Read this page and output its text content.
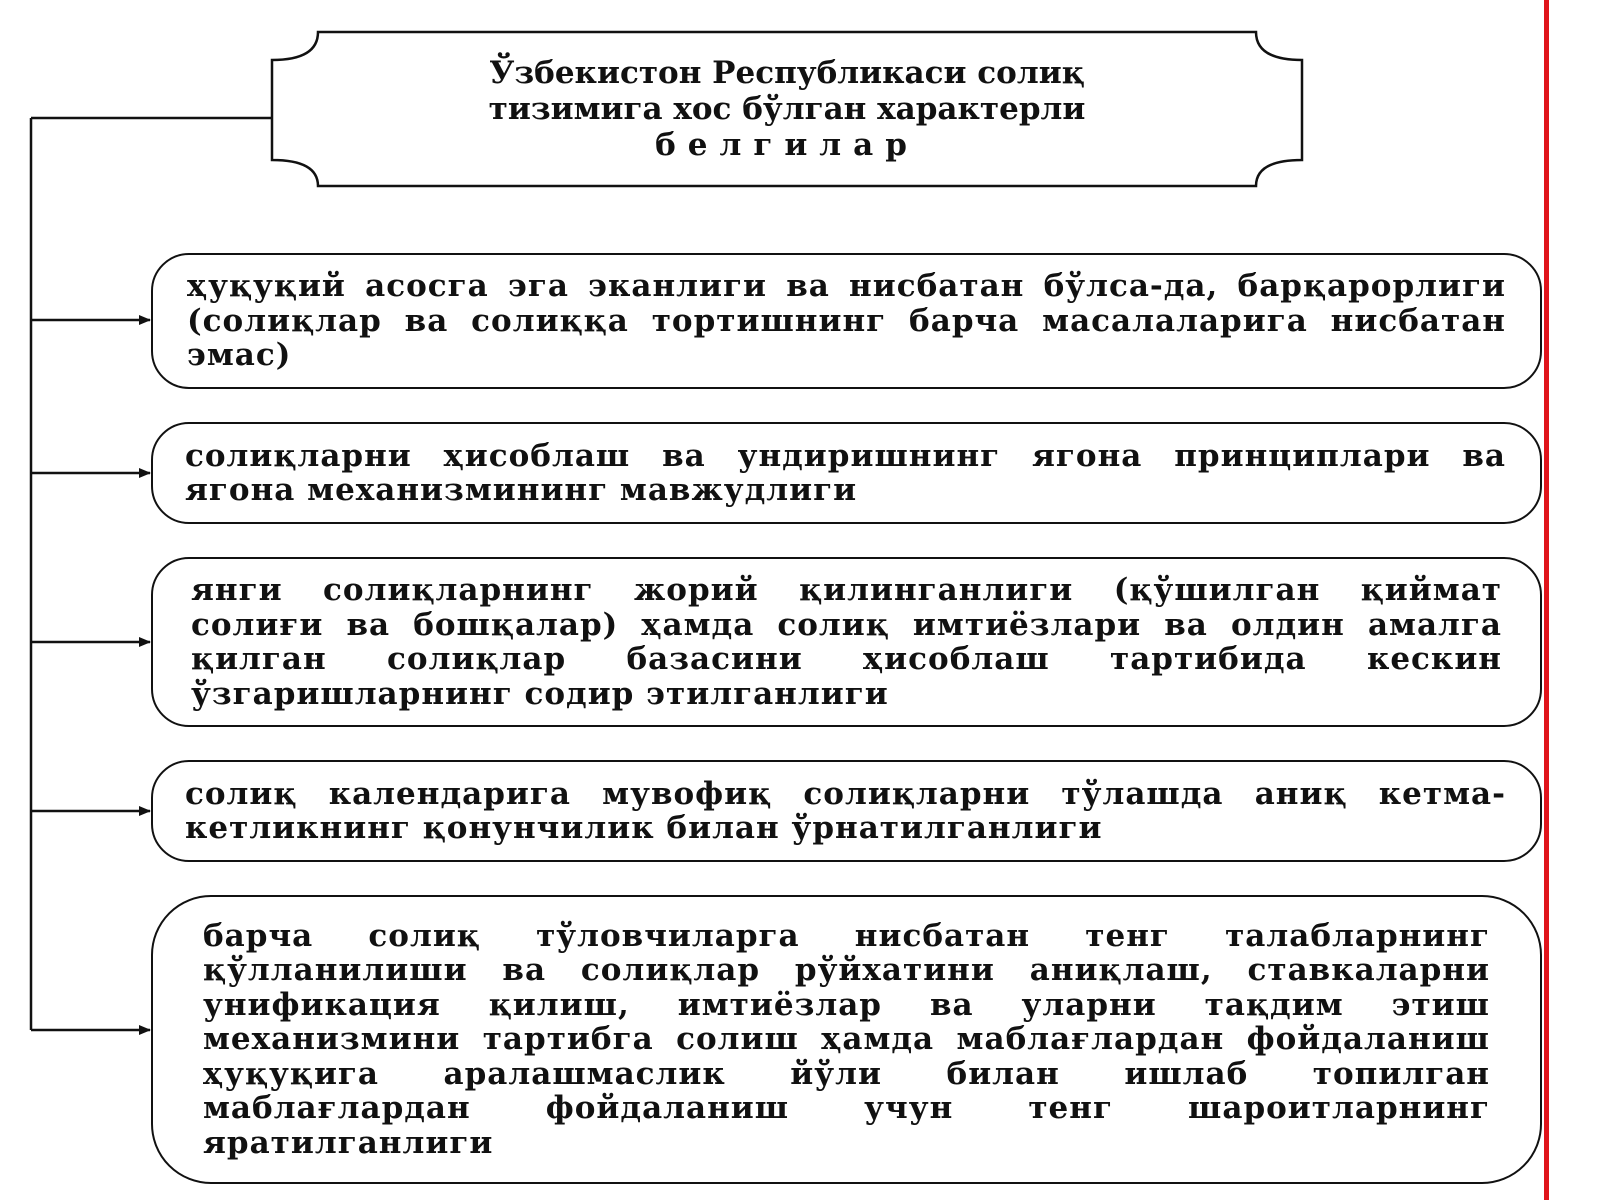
Ўзбекистон Республикаси солиқ
тизимига хос бўлган характерли
белгилар
ҳуқуқий асосга эга эканлиги ва нисбатан бўлса-да, барқарорлиги (солиқлар ва солиққа тортишнинг барча масалаларига нисбатан эмас)
солиқларни ҳисоблаш ва ундиришнинг ягона принциплари ва ягона механизмининг мавжудлиги
янги солиқларнинг жорий қилинганлиги (қўшилган қиймат солиғи ва бошқалар) ҳамда солиқ имтиёзлари ва олдин амалга қилган солиқлар базасини ҳисоблаш тартибида кескин ўзгаришларнинг содир этилганлиги
солиқ календарига мувофиқ солиқларни тўлашда аниқ кетма-кетликнинг қонунчилик билан ўрнатилганлиги
барча солиқ тўловчиларга нисбатан тенг талабларнинг қўлланилиши ва солиқлар рўйхатини аниқлаш, ставкаларни унификация қилиш, имтиёзлар ва уларни тақдим этиш механизмини тартибга солиш ҳамда маблағлардан фойдаланиш ҳуқуқига аралашмаслик йўли билан ишлаб топилган маблағлардан фойдаланиш учун тенг шароитларнинг яратилганлиги
